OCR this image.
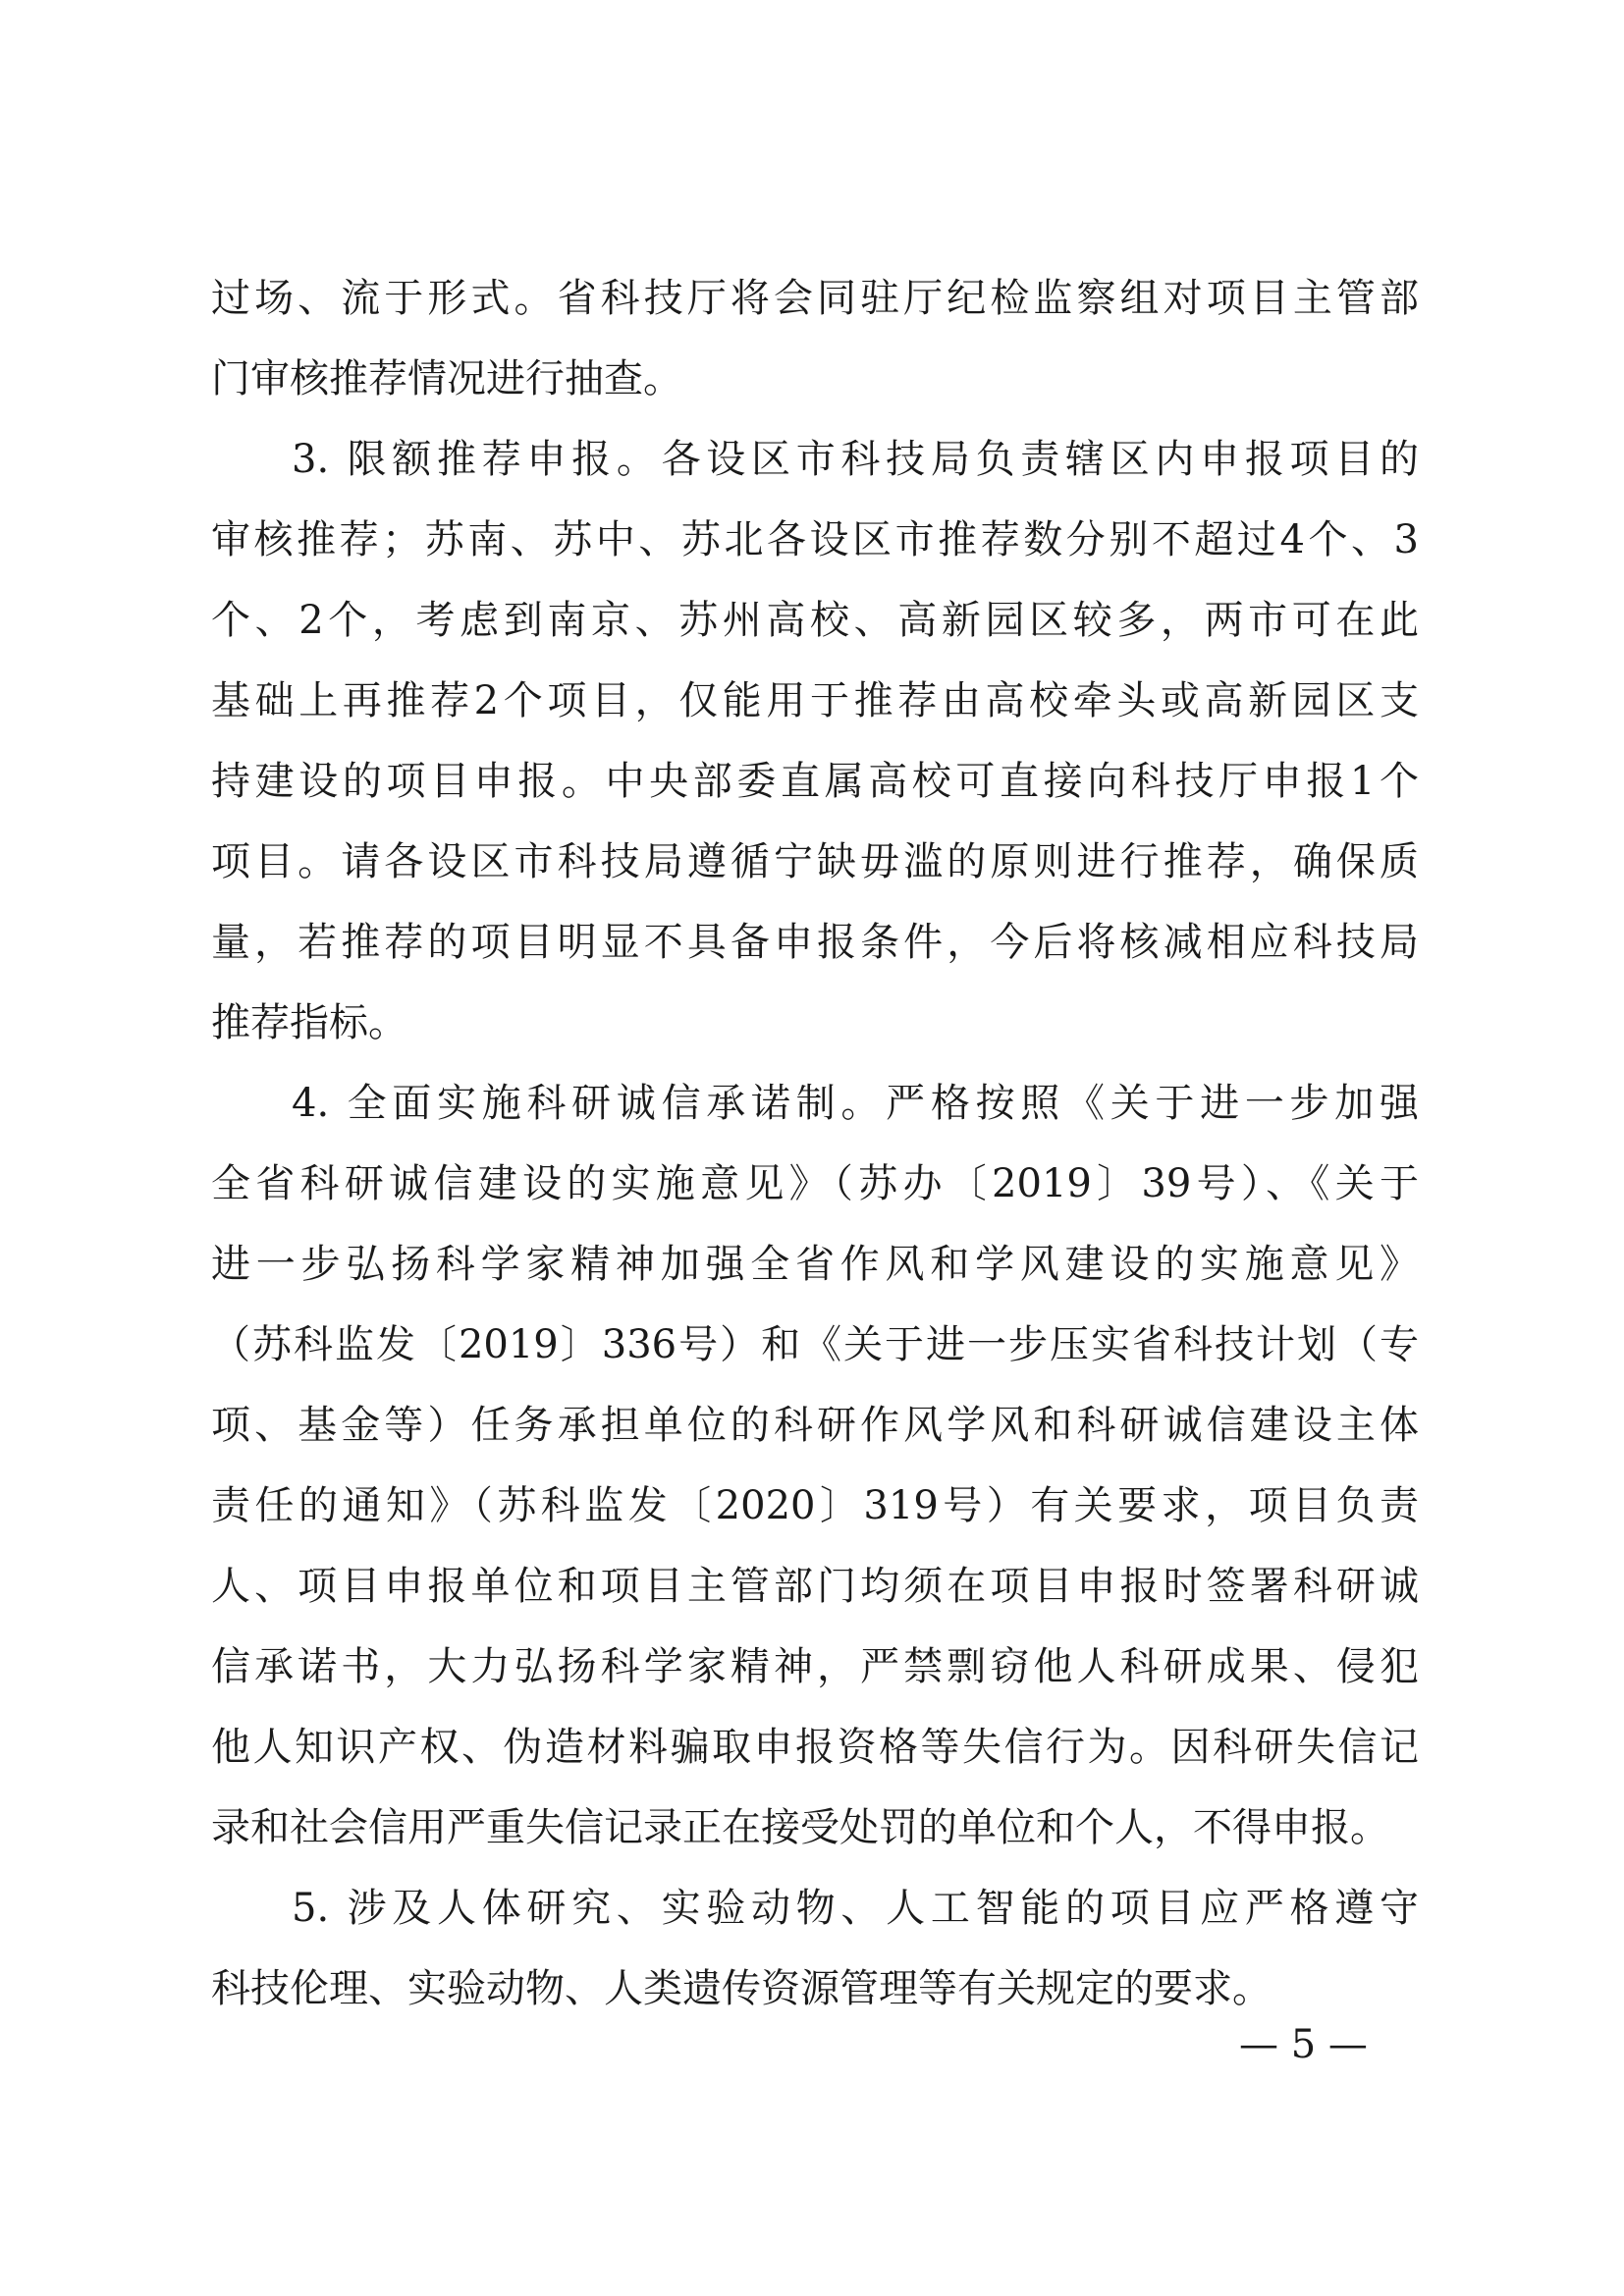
过场、流于形式。省科技厅将会同驻厅纪检监察组对项目主管部
门审核推荐情况进行抽查。
3. 限额推荐申报。各设区市科技局负责辖区内申报项目的
审核推荐；苏南、苏中、苏北各设区市推荐数分别不超过4个、3
个、2个，考虑到南京、苏州高校、高新园区较多，两市可在此
基础上再推荐2个项目，仅能用于推荐由高校牵头或高新园区支
持建设的项目申报。中央部委直属高校可直接向科技厅申报1个
项目。请各设区市科技局遵循宁缺毋滥的原则进行推荐，确保质
量，若推荐的项目明显不具备申报条件，今后将核减相应科技局
推荐指标。
4. 全面实施科研诚信承诺制。严格按照《关于进一步加强
全省科研诚信建设的实施意见》（苏办〔2019〕39号）、《关于
进一步弘扬科学家精神加强全省作风和学风建设的实施意见》
（苏科监发〔2019〕336号）和《关于进一步压实省科技计划（专
项、基金等）任务承担单位的科研作风学风和科研诚信建设主体
责任的通知》（苏科监发〔2020〕319号）有关要求，项目负责
人、项目申报单位和项目主管部门均须在项目申报时签署科研诚
信承诺书，大力弘扬科学家精神，严禁剽窃他人科研成果、侵犯
他人知识产权、伪造材料骗取申报资格等失信行为。因科研失信记
录和社会信用严重失信记录正在接受处罚的单位和个人，不得申报。
5. 涉及人体研究、实验动物、人工智能的项目应严格遵守
科技伦理、实验动物、人类遗传资源管理等有关规定的要求。
— 5 —
